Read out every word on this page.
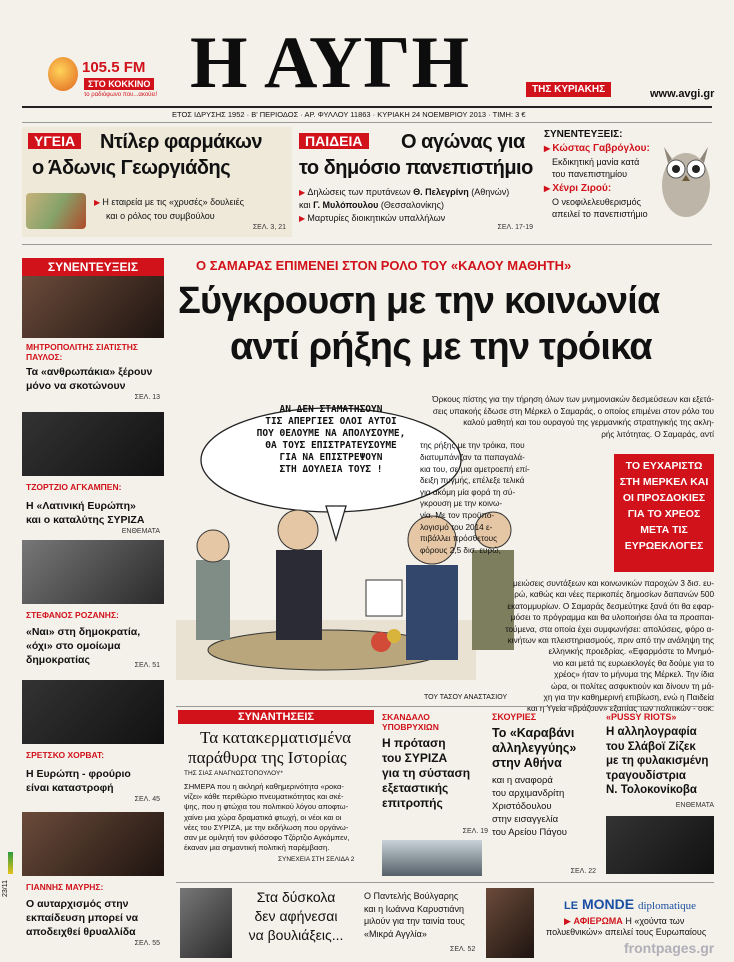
105.5 FM
ΣΤΟ ΚΟΚΚΙΝΟ
το ραδιόφωνο που...ακούει! Η ΑΥΓΗ	ΤΗΣ ΚΥΡΙΑΚΗΣ	www.avgi.gr
ΕΤΟΣ ΙΔΡΥΣΗΣ 1952 · Β' ΠΕΡΙΟΔΟΣ · ΑΡ. ΦΥΛΛΟΥ 11863 · ΚΥΡΙΑΚΗ 24 ΝΟΕΜΒΡΙΟΥ 2013 · ΤΙΜΗ: 3 €
ΥΓΕΙΑ	Ντίλερ φαρμάκων
ο Άδωνις Γεωργιάδης
▶ Η εταιρεία με τις «χρυσές» δουλειές
και ο ρόλος του συμβούλου
ΣΕΛ. 3, 21
ΠΑΙΔΕΙΑ	Ο αγώνας για
το δημόσιο πανεπιστήμιο
▶ Δηλώσεις των πρυτάνεων Θ. Πελεγρίνη (Αθηνών)
και Γ. Μυλόπουλου (Θεσσαλονίκης)
▶ Μαρτυρίες διοικητικών υπαλλήλων
ΣΕΛ. 17-19
ΣΥΝΕΝΤΕΥΞΕΙΣ:
▶ Κώστας Γαβρόγλου:
Εκδικητική μανία κατά
του πανεπιστημίου
▶ Χένρι Ζιρού:
Ο νεοφιλελευθερισμός
απειλεί το πανεπιστήμιο
ΣΥΝΕΝΤΕΥΞΕΙΣ
ΜΗΤΡΟΠΟΛΙΤΗΣ ΣΙΑΤΙΣΤΗΣ ΠΑΥΛΟΣ:
Τα «ανθρωπάκια» ξέρουν
μόνο να σκοτώνουν
ΣΕΛ. 13
ΤΖΟΡΤΖΙΟ ΑΓΚΑΜΠΕΝ:
Η «Λατινική Ευρώπη»
και ο καταλύτης ΣΥΡΙΖΑ
ΕΝΘΕΜΑΤΑ
ΣΤΕΦΑΝΟΣ ΡΟΖΑΝΗΣ:
«Ναι» στη δημοκρατία,
«όχι» στο ομοίωμα
δημοκρατίας	ΣΕΛ. 51
ΣΡΕΤΣΚΟ ΧΟΡΒΑΤ:
Η Ευρώπη - φρούριο
είναι καταστροφή
ΣΕΛ. 45
ΓΙΑΝΝΗΣ ΜΑΥΡΗΣ:
Ο αυταρχισμός στην
εκπαίδευση μπορεί να
αποδειχθεί θρυαλλίδα
ΣΕΛ. 55
23/11
Ο ΣΑΜΑΡΑΣ ΕΠΙΜΕΝΕΙ ΣΤΟΝ ΡΟΛΟ ΤΟΥ «ΚΑΛΟΥ ΜΑΘΗΤΗ»
Σύγκρουση με την κοινωνία
αντί ρήξης με την τρόικα
ΑΝ ΔΕΝ ΣΤΑΜΑΤΗΣΟΥΝ
ΤΙΣ ΑΠΕΡΓΙΕΣ ΟΛΟΙ ΑΥΤΟΙ
ΠΟΥ ΘΕΛΟΥΜΕ ΝΑ ΑΠΟΛΥΣΟΥΜΕ,
ΘΑ ΤΟΥΣ ΕΠΙΣΤΡΑΤΕΥΣΟΥΜΕ
ΓΙΑ ΝΑ ΕΠΙΣΤΡΕΨΟΥΝ
ΣΤΗ ΔΟΥΛΕΙΑ ΤΟΥΣ !
ΤΟΥ ΤΑΣΟΥ ΑΝΑΣΤΑΣΙΟΥ
Όρκους πίστης για την τήρηση όλων των μνημονιακών δεσμεύσεων και εξετά-
σεις υπακοής έδωσε στη Μέρκελ ο Σαμαράς, ο οποίος επιμένει στον ρόλο του
καλού μαθητή και του ουραγού της γερμανικής στρατηγικής της ακλη-
ρής λιτότητας. Ο Σαμαράς, αντί
της ρήξης με την τρόικα, που
διατυμπάνιζαν τα παπαγαλά-
κια του, σε μια αμετροεπή επί-
δειξη πυγμής, επέλεξε τελικά
για ακόμη μία φορά τη σύ-
γκρουση με την κοινω-
νία. Με τον προϋπο-
λογισμό του 2014 ε-
πιβάλλει πρόσθετους
φόρους 2,5 δισ. ευρώ,
ΤΟ ΕΥΧΑΡΙΣΤΩ
ΣΤΗ ΜΕΡΚΕΛ ΚΑΙ
ΟΙ ΠΡΟΣΔΟΚΙΕΣ
ΓΙΑ ΤΟ ΧΡΕΟΣ
ΜΕΤΑ ΤΙΣ
ΕΥΡΩΕΚΛΟΓΕΣ
μειώσεις συντάξεων και κοινωνικών παροχών 3 δισ. ευ-
ρώ, καθώς και νέες περικοπές δημοσίων δαπανών 500
εκατομμυρίων. Ο Σαμαράς δεσμεύτηκε ξανά ότι θα εφαρ-
μόσει το πρόγραμμα και θα υλοποιήσει όλα τα προαπαι-
τούμενα, στα οποία έχει συμφωνήσει: απολύσεις, φόρο α-
κινήτων και πλειστηριασμούς, πριν από την ανάληψη της
ελληνικής προεδρίας. «Εφαρμόστε το Μνημό-
νιο και μετά τις ευρωεκλογές θα δούμε για το
χρέος» ήταν το μήνυμα της Μέρκελ. Την ίδια
ώρα, οι πολίτες ασφυκτιούν και δίνουν τη μά-
χη για την καθημερινή επιβίωση, ενώ η Παιδεία
και η Υγεία «βράζουν» εξαιτίας των πολιτικών - σοκ.
ΣΥΝΑΝΤΗΣΕΙΣ
Τα κατακερματισμένα
παράθυρα της Ιστορίας
ΤΗΣ ΣΙΑΣ ΑΝΑΓΝΩΣΤΟΠΟΥΛΟΥ*
ΣΗΜΕΡΑ που η ακληρή καθημερινότητα «ρoκα-
νίζει» κάθε περιθώριο πνευματικότητας και σκέ-
ψης, που η φτώχια του πολιτικού λόγου αποφτω-
χαίνει μια χώρα δραματικά φτωχή, οι νέοι και οι
νέες του ΣΥΡΙΖΑ, με την εκδήλωση που οργάνω-
σαν με ομιλητή τον φιλόσοφο Τζόρτζιο Αγκάμπεν,
έκαναν μια σημαντική πολιτική παρέμβαση.
ΣΥΝΕΧΕΙΑ ΣΤΗ ΣΕΛΙΔΑ 2
ΣΚΑΝΔΑΛΟ
ΥΠΟΒΡΥΧΙΩΝ
Η πρόταση
του ΣΥΡΙΖΑ
για τη σύσταση
εξεταστικής
επιτροπής
ΣΕΛ. 19
ΣΚΟΥΡΙΕΣ
Το «Καραβάνι
αλληλεγγύης»
στην Αθήνα
και η αναφορά
του αρχιμανδρίτη
Χριστόδουλου
στην εισαγγελία
του Αρείου Πάγου
ΣΕΛ. 22
«PUSSY RIOTS»
Η αλληλογραφία
του Σλάβοϊ Ζίζεκ
με τη φυλακισμένη
τραγουδίστρια
Ν. Τολοκονίκοβα
ΕΝΘΕΜΑΤΑ
Στα δύσκολα
δεν αφήνεσαι
να βουλιάξεις...
Ο Παντελής Βούλγαρης
και η Ιωάννα Καρυστιάνη
μιλούν για την ταινία τους
«Μικρά Αγγλία»
ΣΕΛ. 52
LE MONDE diplomatique
▶ ΑΦΙΕΡΩΜΑ Η «χούντα των
πολυεθνικών» απειλεί τους Ευρωπαίους
frontpages.gr
